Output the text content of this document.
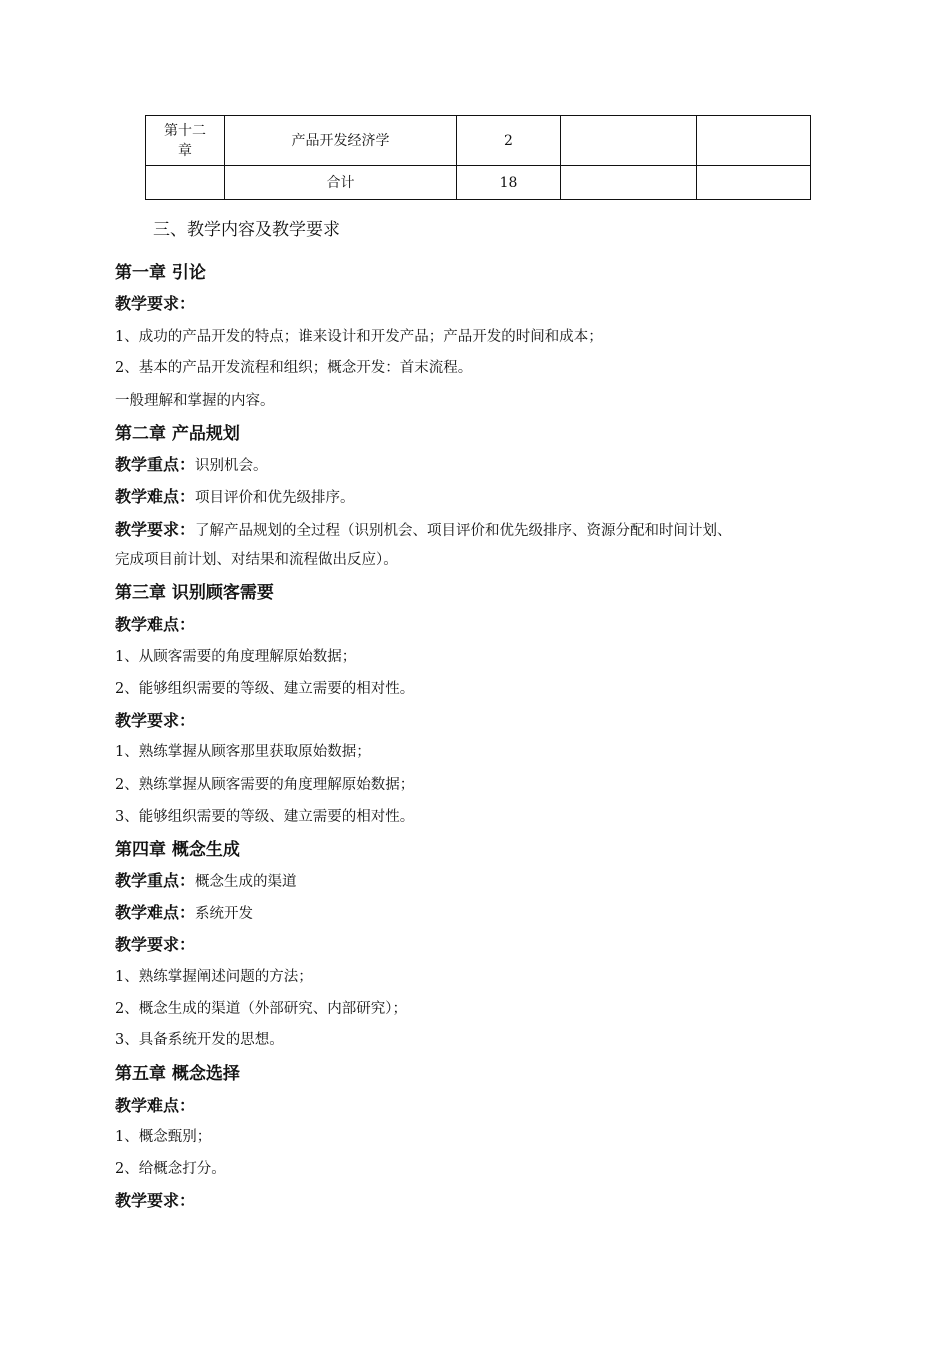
第十二
章	产品开发经济学	2		
	合计	18		
三、教学内容及教学要求
第一章 引论
教学要求：
1、成功的产品开发的特点；谁来设计和开发产品；产品开发的时间和成本；
2、基本的产品开发流程和组织；概念开发：首末流程。
一般理解和掌握的内容。
第二章 产品规划
教学重点：识别机会。
教学难点：项目评价和优先级排序。
教学要求：了解产品规划的全过程（识别机会、项目评价和优先级排序、资源分配和时间计划、
完成项目前计划、对结果和流程做出反应）。
第三章 识别顾客需要
教学难点：
1、从顾客需要的角度理解原始数据；
2、能够组织需要的等级、建立需要的相对性。
教学要求：
1、熟练掌握从顾客那里获取原始数据；
2、熟练掌握从顾客需要的角度理解原始数据；
3、能够组织需要的等级、建立需要的相对性。
第四章 概念生成
教学重点：概念生成的渠道
教学难点：系统开发
教学要求：
1、熟练掌握阐述问题的方法；
2、概念生成的渠道（外部研究、内部研究）；
3、具备系统开发的思想。
第五章 概念选择
教学难点：
1、概念甄别；
2、给概念打分。
教学要求：
